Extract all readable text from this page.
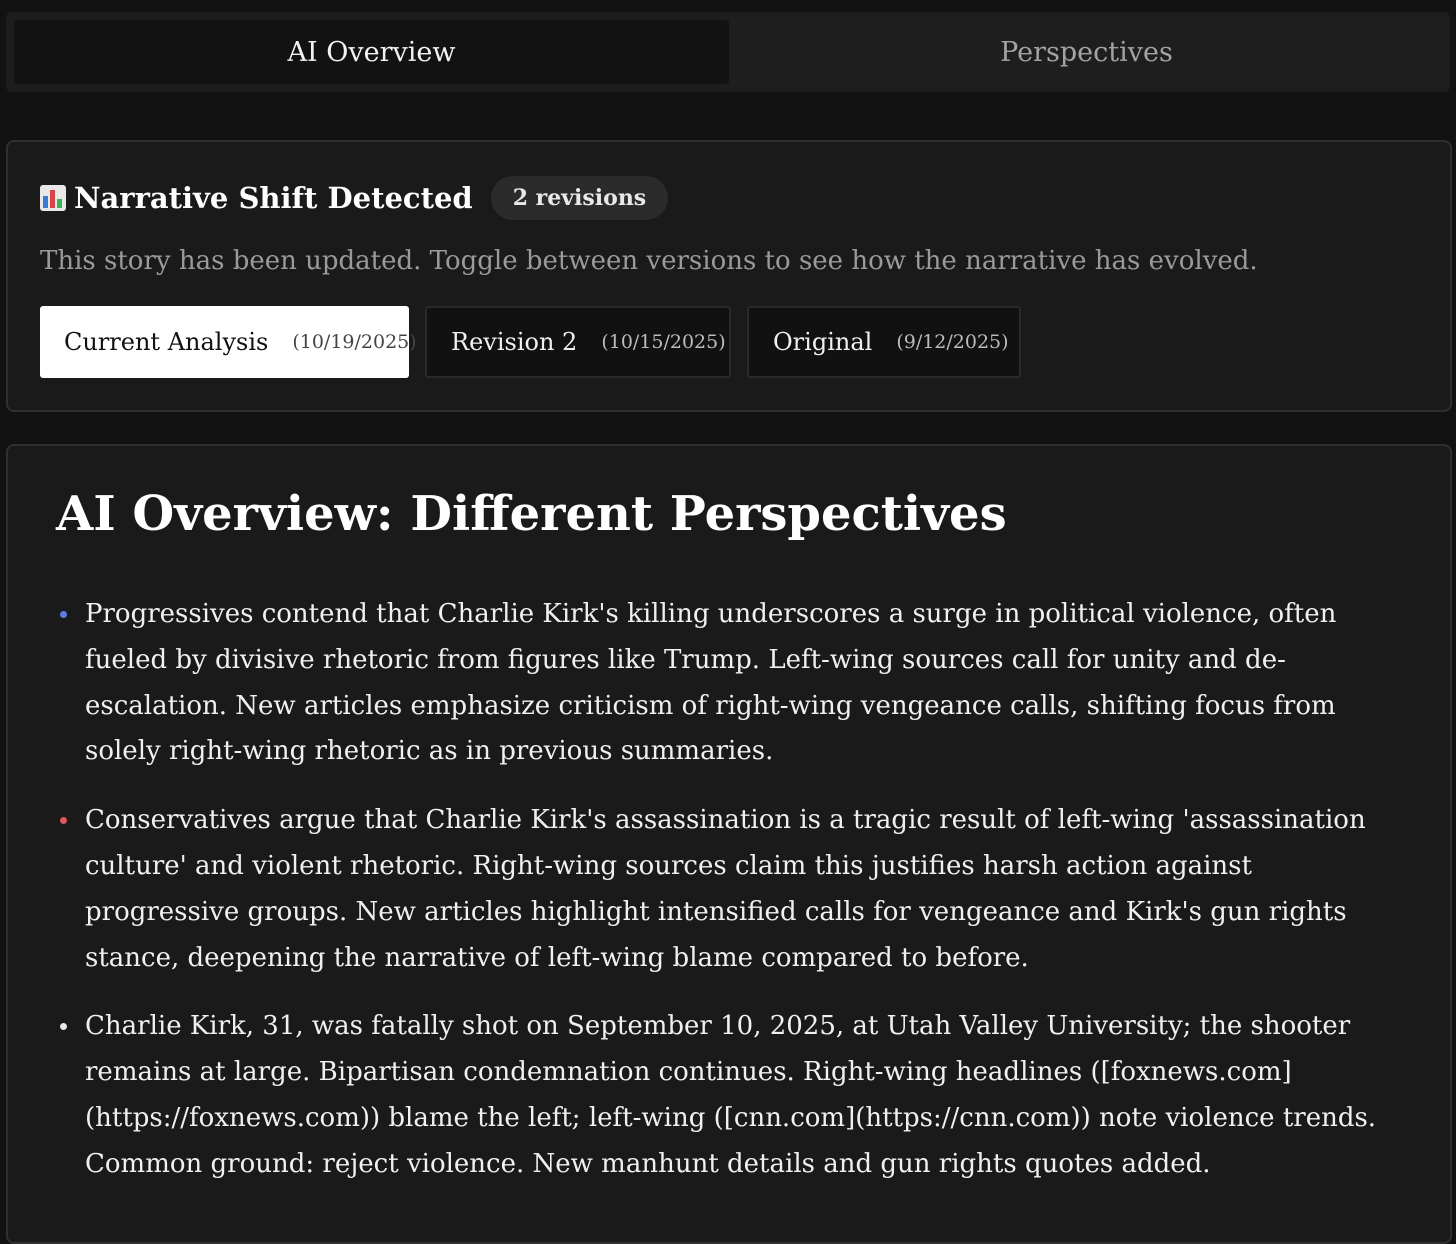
AI Overview	Perspectives
Narrative Shift Detected	2 revisions
This story has been updated. Toggle between versions to see how the narrative has evolved.
Current Analysis (10/19/2025) Revision 2 (10/15/2025) Original (9/12/2025)
AI Overview: Different Perspectives
Progressives contend that Charlie Kirk's killing underscores a surge in political violence, often fueled by divisive rhetoric from figures like Trump. Left-wing sources call for unity and de-escalation. New articles emphasize criticism of right-wing vengeance calls, shifting focus from solely right-wing rhetoric as in previous summaries.
Conservatives argue that Charlie Kirk's assassination is a tragic result of left-wing 'assassination culture' and violent rhetoric. Right-wing sources claim this justifies harsh action against progressive groups. New articles highlight intensified calls for vengeance and Kirk's gun rights stance, deepening the narrative of left-wing blame compared to before.
Charlie Kirk, 31, was fatally shot on September 10, 2025, at Utah Valley University; the shooter remains at large. Bipartisan condemnation continues. Right-wing headlines ([foxnews.com](https://foxnews.com)) blame the left; left-wing ([cnn.com](https://cnn.com)) note violence trends. Common ground: reject violence. New manhunt details and gun rights quotes added.
